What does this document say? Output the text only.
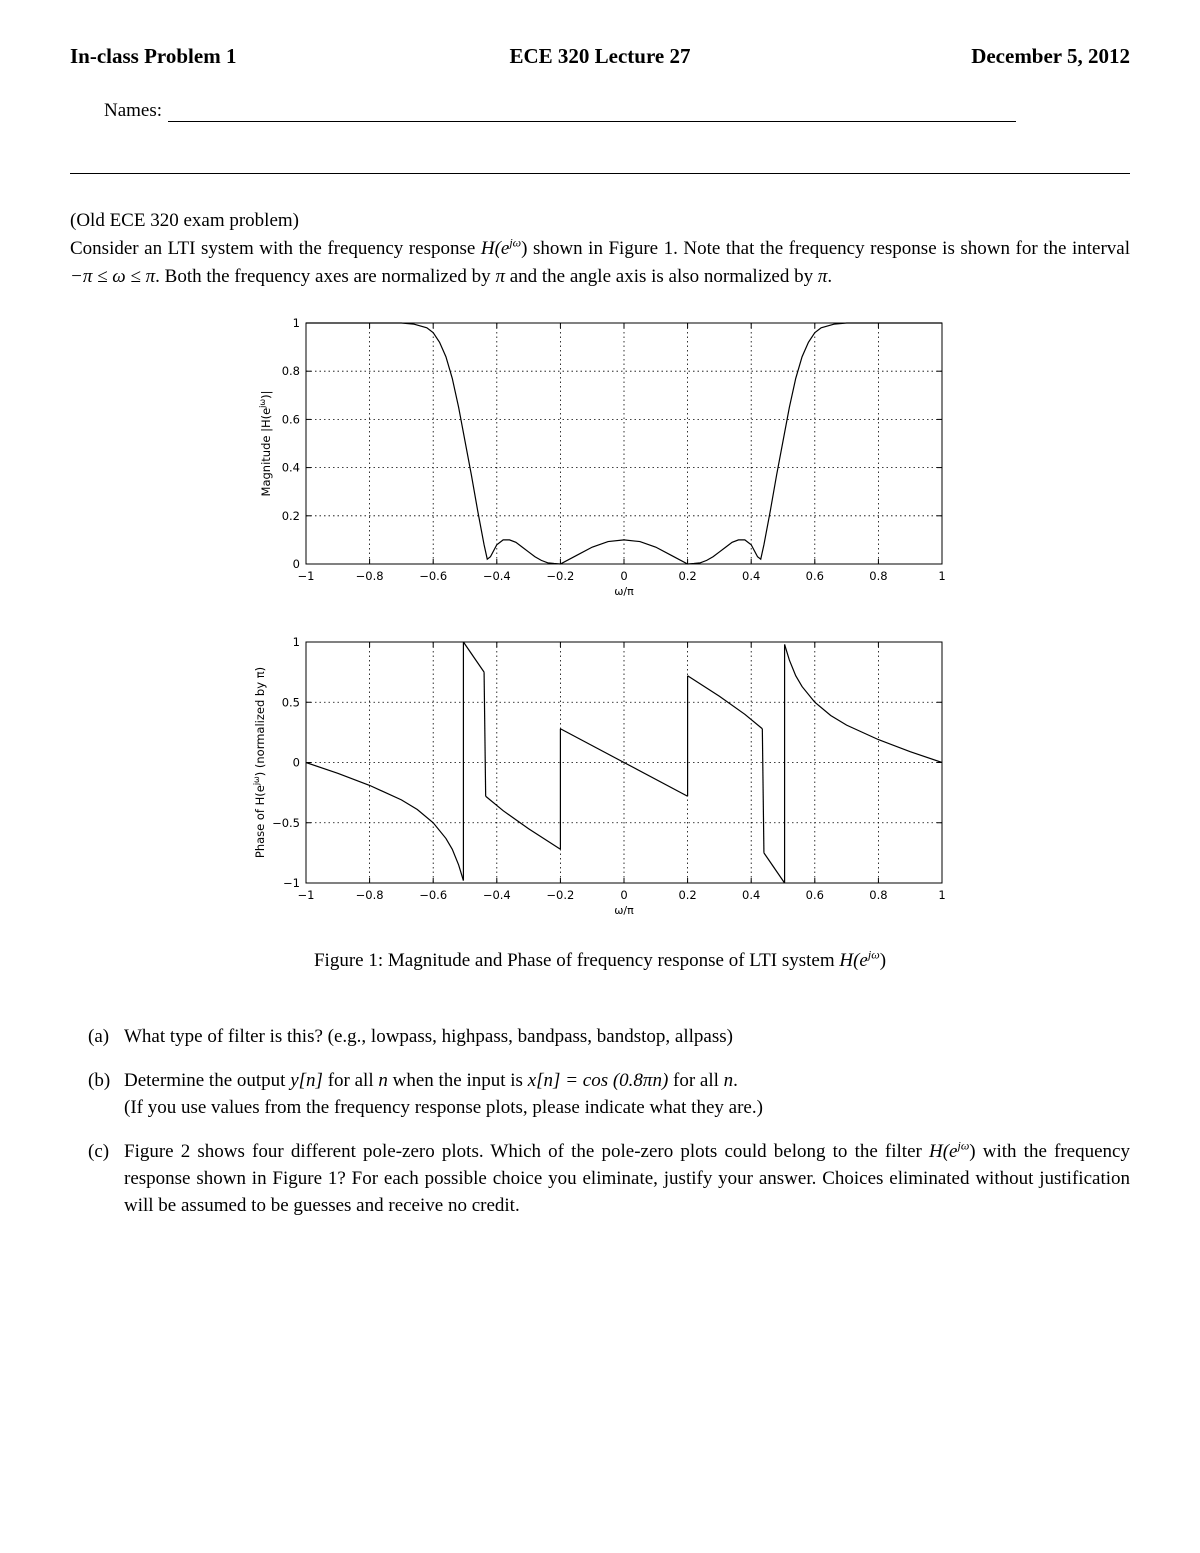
In-class Problem 1	ECE 320 Lecture 27	December 5, 2012
Names:
(Old ECE 320 exam problem)
Consider an LTI system with the frequency response $H(e^{j\omega})$ shown in Figure 1. Note that the frequency response is shown for the interval −π ≤ ω ≤ π. Both the frequency axes are normalized by π and the angle axis is also normalized by π.
−1	−0.8	−0.6	−0.4	−0.2	0	0.2	0.4	0.6	0.8	1
0
0.2
0.4
0.6
0.8
1
ω/π
Magnitude $|H(e^{j\omega})|$
−1	−0.8	−0.6	−0.4	−0.2	0	0.2	0.4	0.6	0.8	1
−1
−0.5
0
0.5
1
ω/π
Phase of $H(e^{j\omega})$ (normalized by π)
Figure 1: Magnitude and Phase of frequency response of LTI system $H(e^{j\omega})$
(a) What type of filter is this? (e.g., lowpass, highpass, bandpass, bandstop, allpass)
(b) Determine the output y[n] for all n when the input is x[n] = cos (0.8πn) for all n.
(If you use values from the frequency response plots, please indicate what they are.)
(c) Figure 2 shows four different pole-zero plots. Which of the pole-zero plots could belong to the filter $H(e^{j\omega})$ with the frequency response shown in Figure 1? For each possible choice you eliminate, justify your answer. Choices eliminated without justification will be assumed to be guesses and receive no credit.
